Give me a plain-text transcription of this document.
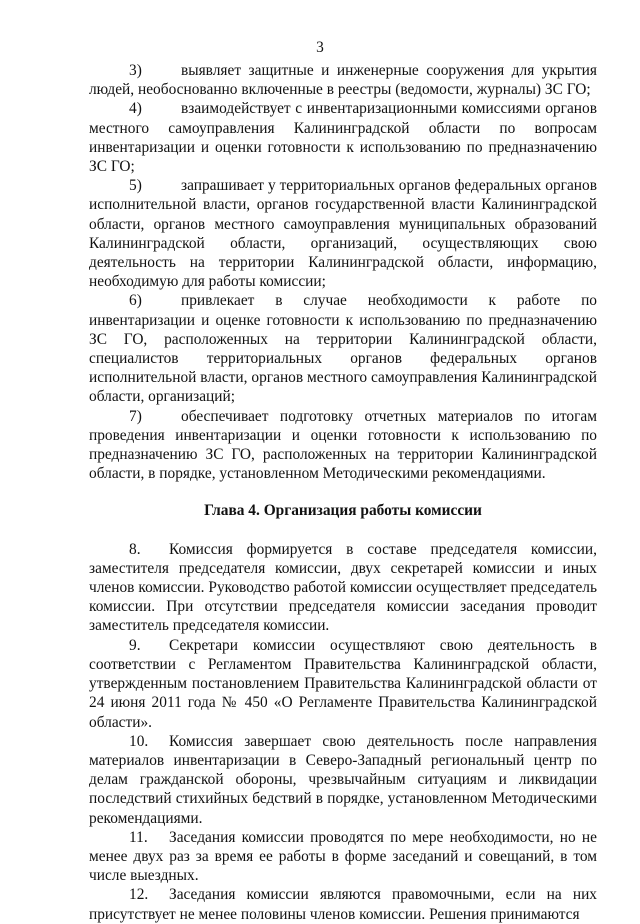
3

3)	выявляет защитные и инженерные сооружения для укрытия людей, необоснованно включенные в реестры (ведомости, журналы) ЗС ГО;

4)	взаимодействует с инвентаризационными комиссиями органов местного самоуправления Калининградской области по вопросам инвентаризации и оценки готовности к использованию по предназначению ЗС ГО;

5)	запрашивает у территориальных органов федеральных органов исполнительной власти, органов государственной власти Калининградской области, органов местного самоуправления муниципальных образований Калининградской области, организаций, осуществляющих свою деятельность на территории Калининградской области, информацию, необходимую для работы комиссии;

6)	привлекает в случае необходимости к работе по инвентаризации и оценке готовности к использованию по предназначению ЗС ГО, расположенных на территории Калининградской области, специалистов территориальных органов федеральных органов исполнительной власти, органов местного самоуправления Калининградской области, организаций;

7)	обеспечивает подготовку отчетных материалов по итогам проведения инвентаризации и оценки готовности к использованию по предназначению ЗС ГО, расположенных на территории Калининградской области, в порядке, установленном Методическими рекомендациями.

Глава 4. Организация работы комиссии

8. Комиссия формируется в составе председателя комиссии, заместителя председателя комиссии, двух секретарей комиссии и иных членов комиссии. Руководство работой комиссии осуществляет председатель комиссии. При отсутствии председателя комиссии заседания проводит заместитель председателя комиссии.

9. Секретари комиссии осуществляют свою деятельность в соответствии с Регламентом Правительства Калининградской области, утвержденным постановлением Правительства Калининградской области от 24 июня 2011 года № 450 «О Регламенте Правительства Калининградской области».

10. Комиссия завершает свою деятельность после направления материалов инвентаризации в Северо-Западный региональный центр по делам гражданской обороны, чрезвычайным ситуациям и ликвидации последствий стихийных бедствий в порядке, установленном Методическими рекомендациями.

11. Заседания комиссии проводятся по мере необходимости, но не менее двух раз за время ее работы в форме заседаний и совещаний, в том числе выездных.

12. Заседания комиссии являются правомочными, если на них присутствует не менее половины членов комиссии. Решения принимаются
